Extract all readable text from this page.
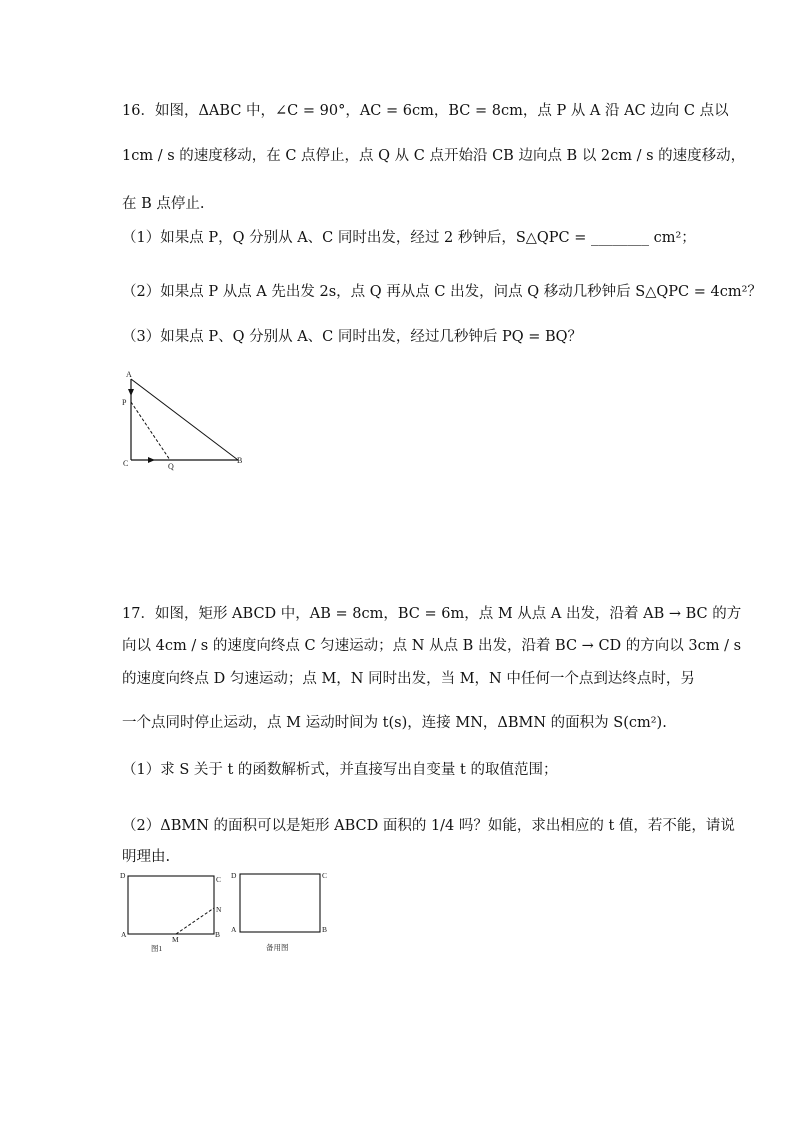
16．如图，ΔABC 中，∠C = 90°，AC = 6cm，BC = 8cm，点 P 从 A 沿 AC 边向 C 点以
1cm / s 的速度移动，在 C 点停止，点 Q 从 C 点开始沿 CB 边向点 B 以 2cm / s 的速度移动，
在 B 点停止.
（1）如果点 P，Q 分别从 A、C 同时出发，经过 2 秒钟后，S△QPC = ________ cm²；
（2）如果点 P 从点 A 先出发 2s，点 Q 再从点 C 出发，问点 Q 移动几秒钟后 S△QPC = 4cm²？
（3）如果点 P、Q 分别从 A、C 同时出发，经过几秒钟后 PQ = BQ？
A
P
C	Q
B
17．如图，矩形 ABCD 中，AB = 8cm，BC = 6m，点 M 从点 A 出发，沿着 AB → BC 的方
向以 4cm / s 的速度向终点 C 匀速运动；点 N 从点 B 出发，沿着 BC → CD 的方向以 3cm / s
的速度向终点 D 匀速运动；点 M，N 同时出发，当 M，N 中任何一个点到达终点时，另
一个点同时停止运动，点 M 运动时间为 t(s)，连接 MN，ΔBMN 的面积为 S(cm²).
（1）求 S 关于 t 的函数解析式，并直接写出自变量 t 的取值范围；
（2）ΔBMN 的面积可以是矩形 ABCD 面积的 1/4 吗？如能，求出相应的 t 值，若不能，请说
明理由.
D	C
N
A
M
B
图1
D	C
A	B
备用图
